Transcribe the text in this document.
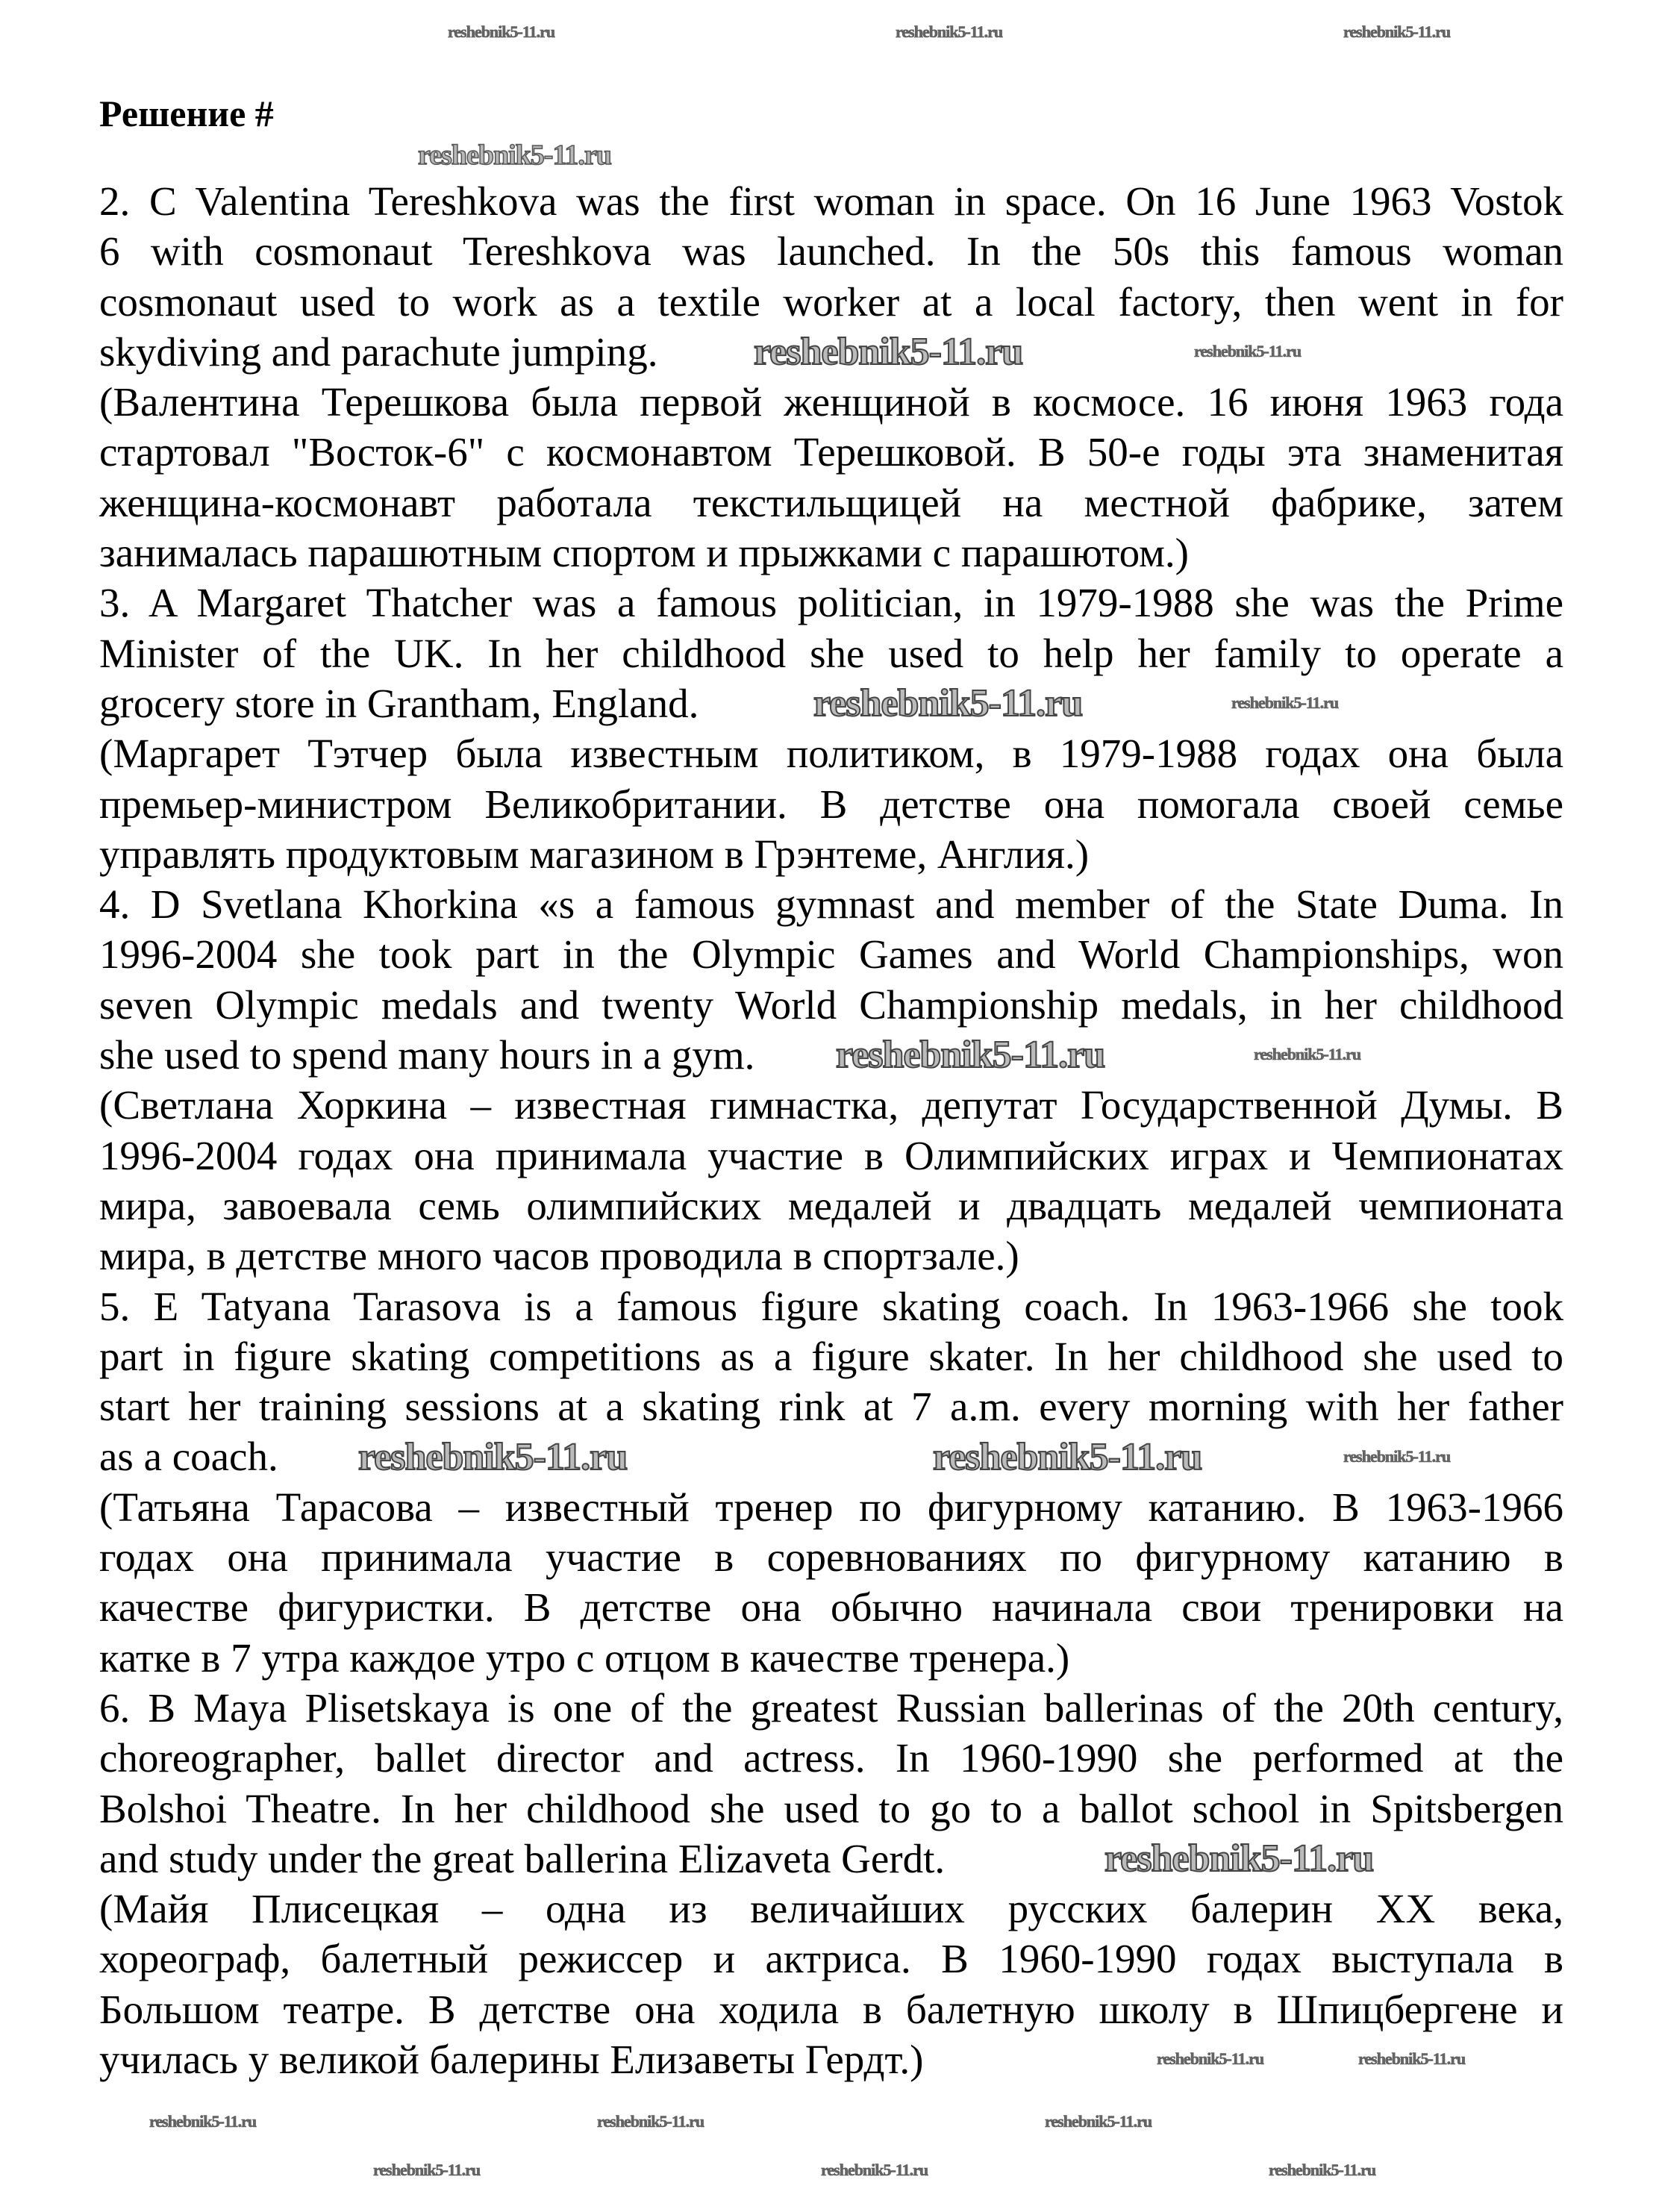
Решение #
2. C Valentina Tereshkova was the first woman in space. On 16 June 1963 Vostok
6 with cosmonaut Tereshkova was launched. In the 50s this famous woman
cosmonaut used to work as a textile worker at a local factory, then went in for
skydiving and parachute jumping.
(Валентина Терешкова была первой женщиной в космосе. 16 июня 1963 года
стартовал "Восток-6" с космонавтом Терешковой. В 50-е годы эта знаменитая
женщина-космонавт работала текстильщицей на местной фабрике, затем
занималась парашютным спортом и прыжками с парашютом.)
3. A Margaret Thatcher was a famous politician, in 1979-1988 she was the Prime
Minister of the UK. In her childhood she used to help her family to operate a
grocery store in Grantham, England.
(Маргарет Тэтчер была известным политиком, в 1979-1988 годах она была
премьер-министром Великобритании. В детстве она помогала своей семье
управлять продуктовым магазином в Грэнтеме, Англия.)
4. D Svetlana Khorkina «s a famous gymnast and member of the State Duma. In
1996-2004 she took part in the Olympic Games and World Championships, won
seven Olympic medals and twenty World Championship medals, in her childhood
she used to spend many hours in a gym.
(Светлана Хоркина – известная гимнастка, депутат Государственной Думы. В
1996-2004 годах она принимала участие в Олимпийских играх и Чемпионатах
мира, завоевала семь олимпийских медалей и двадцать медалей чемпионата
мира, в детстве много часов проводила в спортзале.)
5. E Tatyana Tarasova is a famous figure skating coach. In 1963-1966 she took
part in figure skating competitions as a figure skater. In her childhood she used to
start her training sessions at a skating rink at 7 a.m. every morning with her father
as a coach.
(Татьяна Тарасова – известный тренер по фигурному катанию. В 1963-1966
годах она принимала участие в соревнованиях по фигурному катанию в
качестве фигуристки. В детстве она обычно начинала свои тренировки на
катке в 7 утра каждое утро с отцом в качестве тренера.)
6. B Maya Plisetskaya is one of the greatest Russian ballerinas of the 20th century,
choreographer, ballet director and actress. In 1960-1990 she performed at the
Bolshoi Theatre. In her childhood she used to go to a ballot school in Spitsbergen
and study under the great ballerina Elizaveta Gerdt.
(Майя Плисецкая – одна из величайших русских балерин XX века,
хореограф, балетный режиссер и актриса. В 1960-1990 годах выступала в
Большом театре. В детстве она ходила в балетную школу в Шпицбергене и
училась у великой балерины Елизаветы Гердт.)
reshebnik5-11.ru
reshebnik5-11.ru	reshebnik5-11.ru
reshebnik5-11.ru	reshebnik5-11.ru
reshebnik5-11.ru	reshebnik5-11.ru
reshebnik5-11.ru	reshebnik5-11.ru	reshebnik5-11.ru
reshebnik5-11.ru
reshebnik5-11.ru	reshebnik5-11.ru
reshebnik5-11.ru	reshebnik5-11.ru	reshebnik5-11.ru
reshebnik5-11.ru	reshebnik5-11.ru	reshebnik5-11.ru
reshebnik5-11.ru	reshebnik5-11.ru	reshebnik5-11.ru
